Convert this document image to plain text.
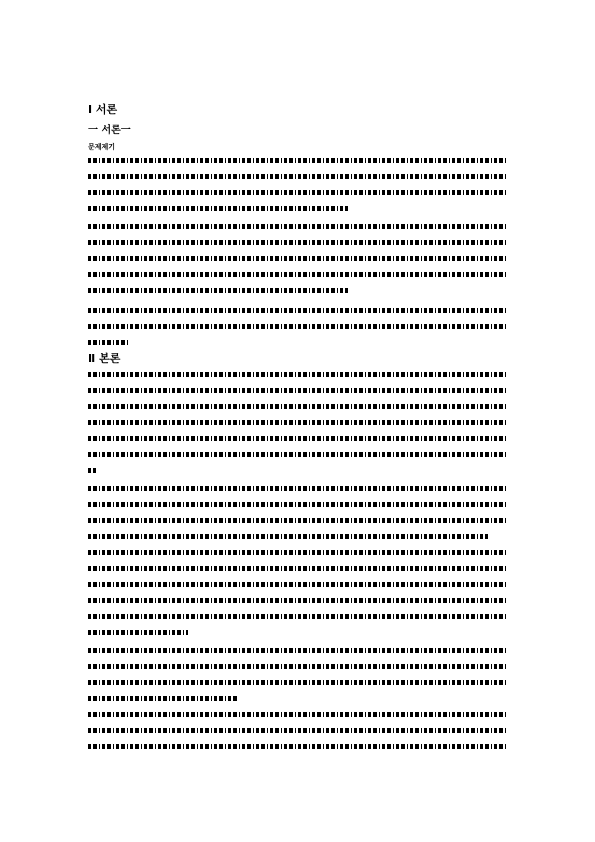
I 서론
一 서론一
문제제기
Ⅱ 본론
